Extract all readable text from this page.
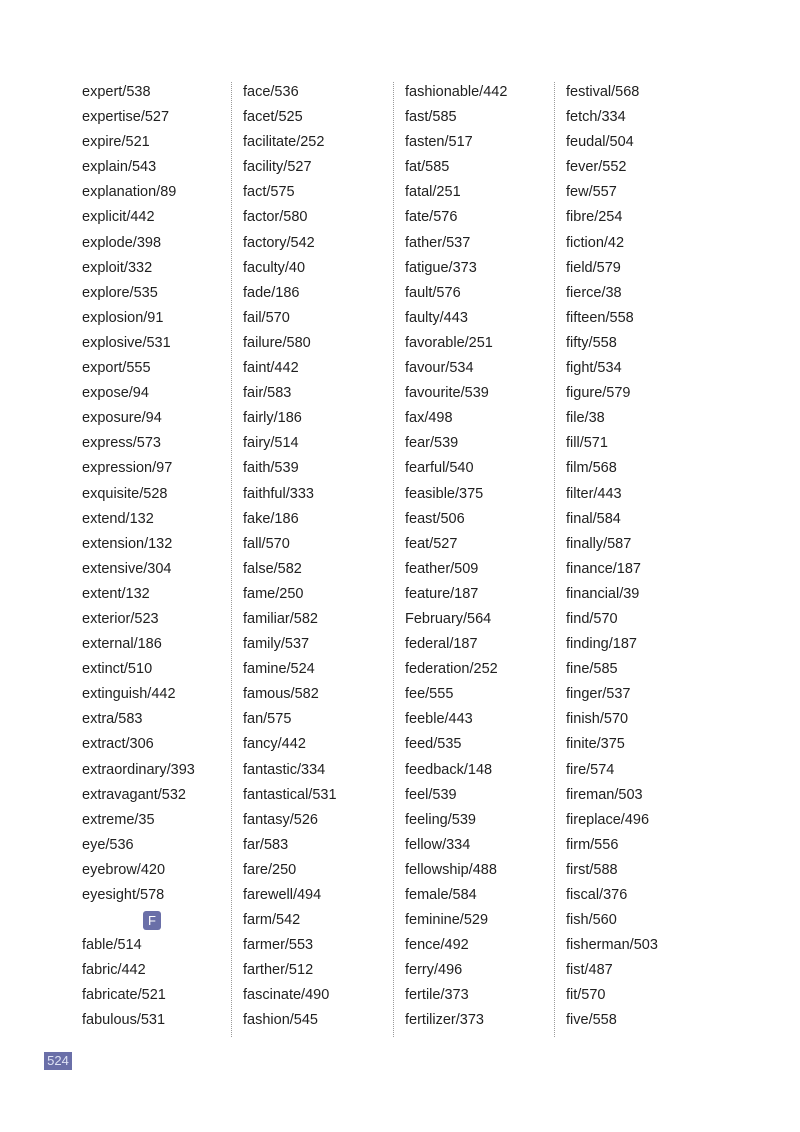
expert/538
expertise/527
expire/521
explain/543
explanation/89
explicit/442
explode/398
exploit/332
explore/535
explosion/91
explosive/531
export/555
expose/94
exposure/94
express/573
expression/97
exquisite/528
extend/132
extension/132
extensive/304
extent/132
exterior/523
external/186
extinct/510
extinguish/442
extra/583
extract/306
extraordinary/393
extravagant/532
extreme/35
eye/536
eyebrow/420
eyesight/578
F
fable/514
fabric/442
fabricate/521
fabulous/531
face/536
facet/525
facilitate/252
facility/527
fact/575
factor/580
factory/542
faculty/40
fade/186
fail/570
failure/580
faint/442
fair/583
fairly/186
fairy/514
faith/539
faithful/333
fake/186
fall/570
false/582
fame/250
familiar/582
family/537
famine/524
famous/582
fan/575
fancy/442
fantastic/334
fantastical/531
fantasy/526
far/583
fare/250
farewell/494
farm/542
farmer/553
farther/512
fascinate/490
fashion/545
fashionable/442
fast/585
fasten/517
fat/585
fatal/251
fate/576
father/537
fatigue/373
fault/576
faulty/443
favorable/251
favour/534
favourite/539
fax/498
fear/539
fearful/540
feasible/375
feast/506
feat/527
feather/509
feature/187
February/564
federal/187
federation/252
fee/555
feeble/443
feed/535
feedback/148
feel/539
feeling/539
fellow/334
fellowship/488
female/584
feminine/529
fence/492
ferry/496
fertile/373
fertilizer/373
festival/568
fetch/334
feudal/504
fever/552
few/557
fibre/254
fiction/42
field/579
fierce/38
fifteen/558
fifty/558
fight/534
figure/579
file/38
fill/571
film/568
filter/443
final/584
finally/587
finance/187
financial/39
find/570
finding/187
fine/585
finger/537
finish/570
finite/375
fire/574
fireman/503
fireplace/496
firm/556
first/588
fiscal/376
fish/560
fisherman/503
fist/487
fit/570
five/558
524
